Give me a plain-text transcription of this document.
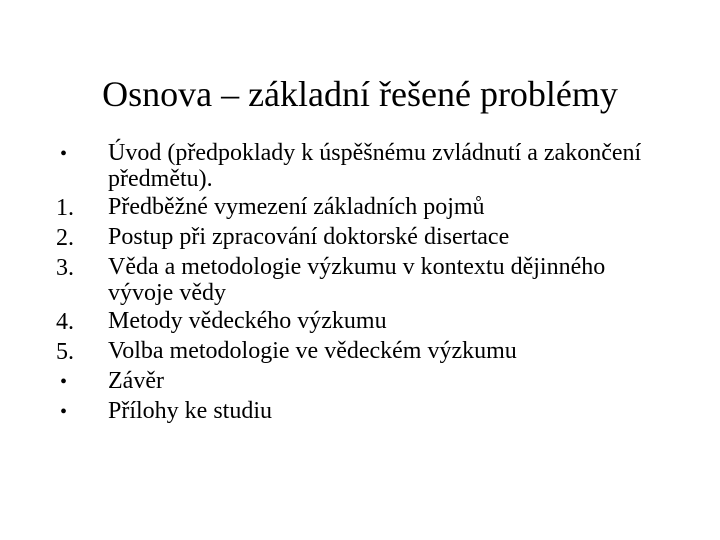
Osnova – základní řešené problémy
•	Úvod (předpoklady k úspěšnému zvládnutí a zakončení předmětu).
1.	Předběžné vymezení základních pojmů
2.	Postup při zpracování doktorské disertace
3.	Věda a metodologie výzkumu v kontextu dějinného vývoje vědy
4.	Metody vědeckého výzkumu
5.	Volba metodologie ve vědeckém výzkumu
•	Závěr
•	Přílohy ke studiu
